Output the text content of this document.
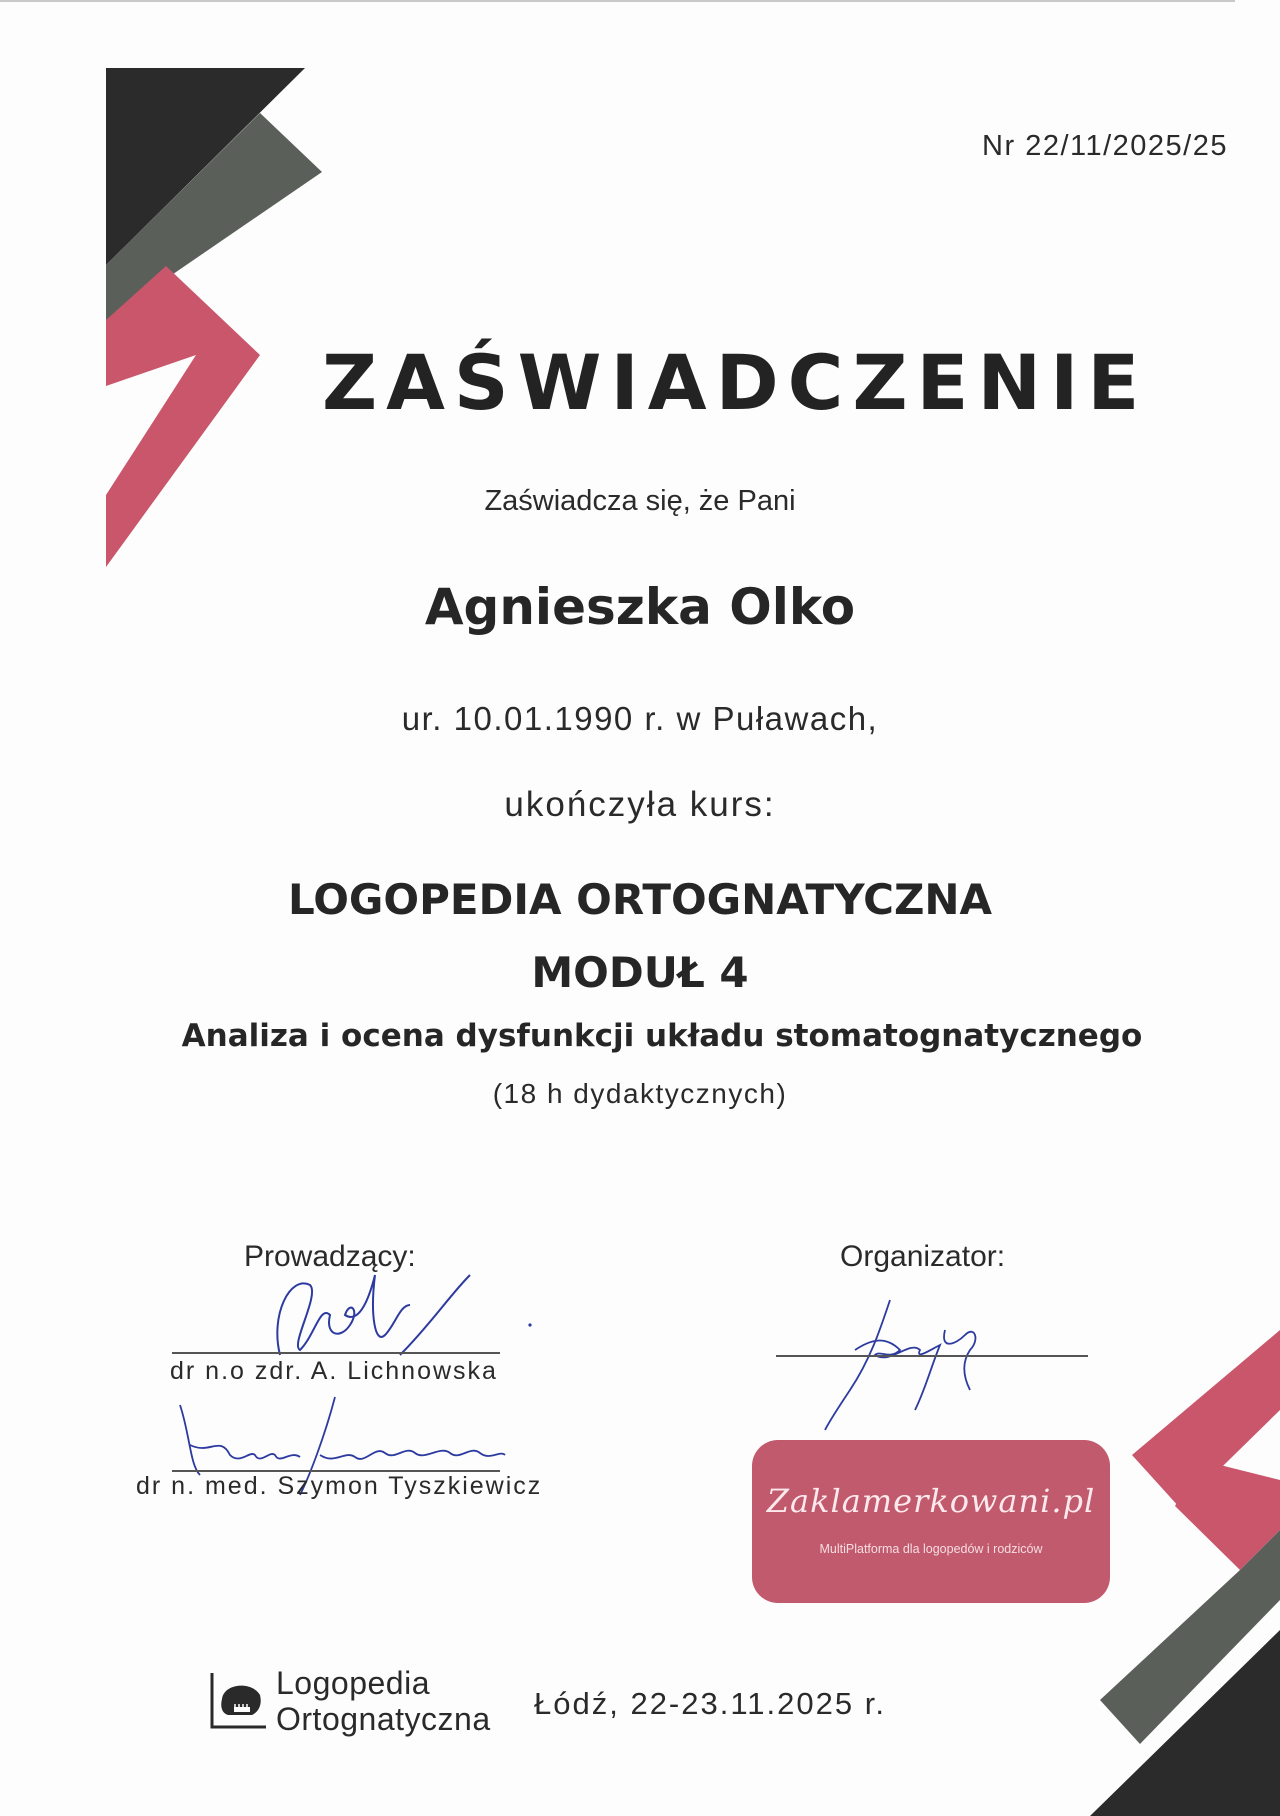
Nr 22/11/2025/25
ZAŚWIADCZENIE
Zaświadcza się, że Pani
Agnieszka Olko
ur. 10.01.1990 r. w Puławach,
ukończyła kurs:
LOGOPEDIA ORTOGNATYCZNA
MODUŁ 4
Analiza i ocena dysfunkcji układu stomatognatycznego
(18 h dydaktycznych)
Prowadzący:	Organizator:
dr n.o zdr. A. Lichnowska
dr n. med. Szymon Tyszkiewicz	Zaklamerkowani.pl
MultiPlatforma dla logopedów i rodziców
Logopedia
Ortognatyczna Łódź, 22-23.11.2025 r.
